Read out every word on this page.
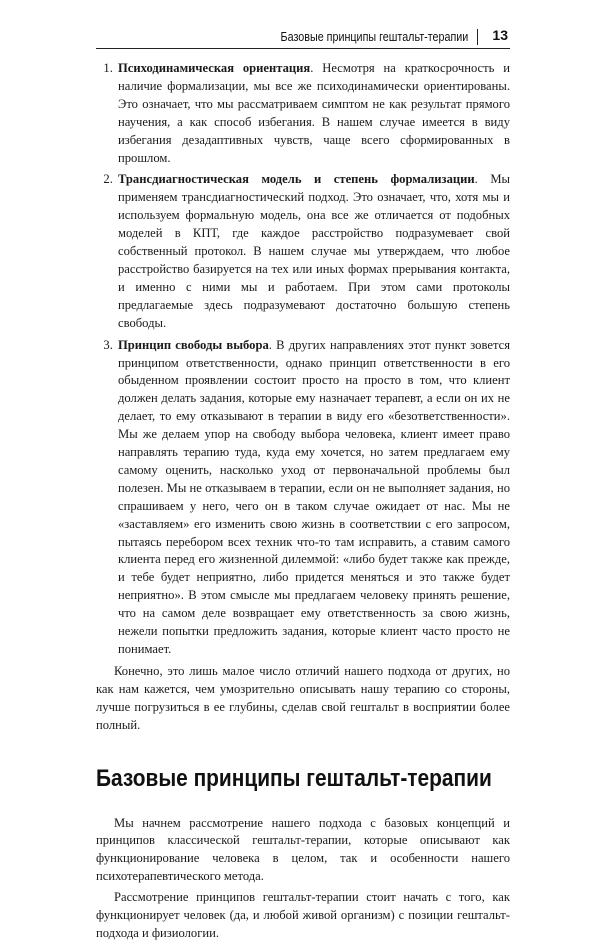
Базовые принципы гештальт-терапии 13
1. Психодинамическая ориентация. Несмотря на краткосрочность и наличие формализации, мы все же психодинамически ориентированы. Это означает, что мы рассматриваем симптом не как результат прямого научения, а как способ избегания. В нашем случае имеется в виду избегания дезадаптивных чувств, чаще всего сформированных в прошлом.
2. Трансдиагностическая модель и степень формализации. Мы применяем трансдиагностический подход. Это означает, что, хотя мы и используем формальную модель, она все же отличается от подобных моделей в КПТ, где каждое расстройство подразумевает свой собственный протокол. В нашем случае мы утверждаем, что любое расстройство базируется на тех или иных формах прерывания контакта, и именно с ними мы и работаем. При этом сами протоколы предлагаемые здесь подразумевают достаточно большую степень свободы.
3. Принцип свободы выбора. В других направлениях этот пункт зовется принципом ответственности, однако принцип ответственности в его обыденном проявлении состоит просто на просто в том, что клиент должен делать задания, которые ему назначает терапевт, а если он их не делает, то ему отказывают в терапии в виду его «безответственности». Мы же делаем упор на свободу выбора человека, клиент имеет право направлять терапию туда, куда ему хочется, но затем предлагаем ему самому оценить, насколько уход от первоначальной проблемы был полезен. Мы не отказываем в терапии, если он не выполняет задания, но спрашиваем у него, чего он в таком случае ожидает от нас. Мы не «заставляем» его изменить свою жизнь в соответствии с его запросом, пытаясь перебором всех техник что-то там исправить, а ставим самого клиента перед его жизненной дилеммой: «либо будет также как прежде, и тебе будет неприятно, либо придется меняться и это также будет неприятно». В этом смысле мы предлагаем человеку принять решение, что на самом деле возвращает ему ответственность за свою жизнь, нежели попытки предложить задания, которые клиент часто просто не понимает.

Конечно, это лишь малое число отличий нашего подхода от других, но как нам кажется, чем умозрительно описывать нашу терапию со стороны, лучше погрузиться в ее глубины, сделав свой гештальт в восприятии более полный.

Базовые принципы гештальт-терапии

Мы начнем рассмотрение нашего подхода с базовых концепций и принципов классической гештальт-терапии, которые описывают как функционирование человека в целом, так и особенности нашего психотерапевтического метода.

Рассмотрение принципов гештальт-терапии стоит начать с того, как функционирует человек (да, и любой живой организм) с позиции гештальт-подхода и физиологии.
